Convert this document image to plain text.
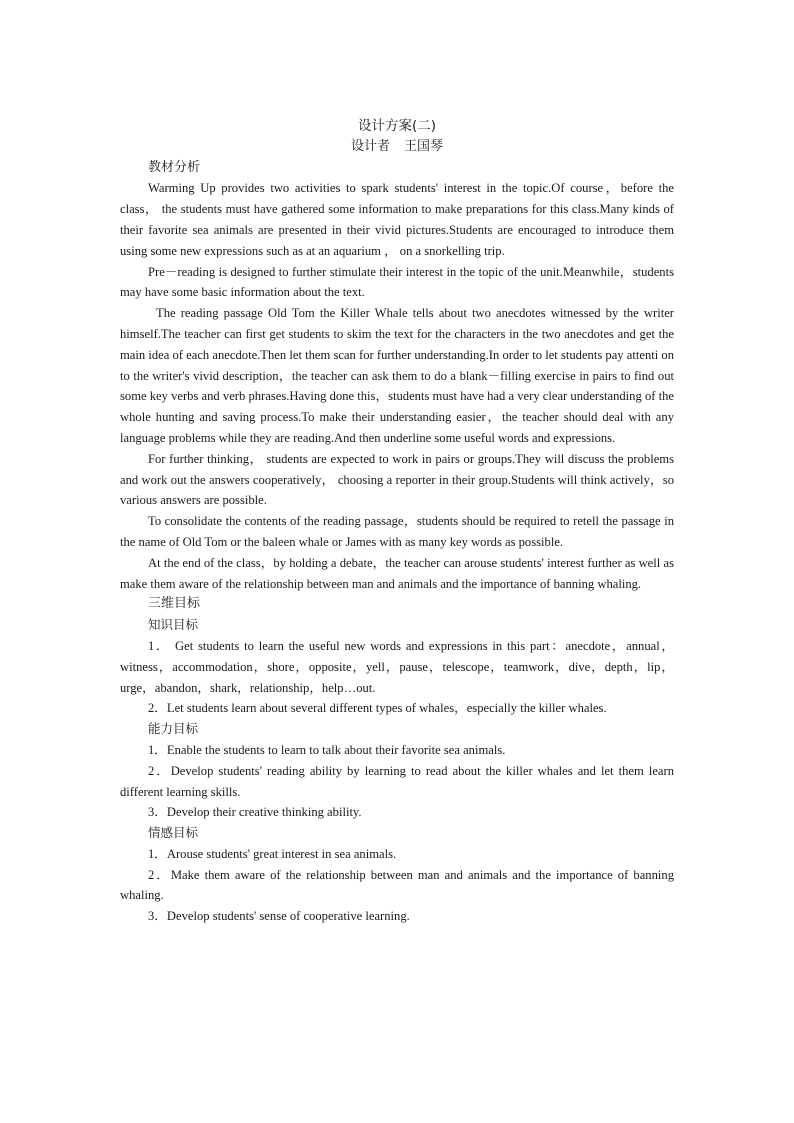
设计方案(二)

设计者 王国琴

教材分析

Warming Up provides two activities to spark students' interest in the topic.Of course，before the class， the students must have gathered some information to make preparations for this class.Many kinds of their favorite sea animals are presented in their vivid pictures.Students are encouraged to introduce them using some new expressions such as at an aquarium ， on a snorkelling trip.

Pre－reading is designed to further stimulate their interest in the topic of the unit.Meanwhile，students may have some basic information about the text.

The reading passage Old Tom the Killer Whale tells about two anecdotes witnessed by the writer himself.The teacher can first get students to skim the text for the characters in the two anecdotes and get the main idea of each anecdote.Then let them scan for further understanding.In order to let students pay attenti on to the writer's vivid description，the teacher can ask them to do a blank－filling exercise in pairs to find out some key verbs and verb phrases.Having done this，students must have had a very clear understanding of the whole hunting and saving process.To make their understanding easier，the teacher should deal with any language problems while they are reading.And then underline some useful words and expressions.

For further thinking， students are expected to work in pairs or groups.They will discuss the problems and work out the answers cooperatively， choosing a reporter in their group.Students will think actively，so various answers are possible.

To consolidate the contents of the reading passage，students should be required to retell the passage in the name of Old Tom or the baleen whale or James with as many key words as possible.

At the end of the class，by holding a debate，the teacher can arouse students' interest further as well as make them aware of the relationship between man and animals and the importance of banning whaling.

三维目标

知识目标

1． Get students to learn the useful new words and expressions in this part：anecdote，annual，witness，accommodation，shore，opposite，yell，pause，telescope，teamwork，dive，depth，lip，urge，abandon，shark，relationship，help…out.
2．Let students learn about several different types of whales，especially the killer whales.

能力目标

1．Enable the students to learn to talk about their favorite sea animals.
2．Develop students' reading ability by learning to read about the killer whales and let them learn different learning skills.
3．Develop their creative thinking ability.

情感目标

1．Arouse students' great interest in sea animals.
2．Make them aware of the relationship between man and animals and the importance of banning whaling.
3．Develop students' sense of cooperative learning.
